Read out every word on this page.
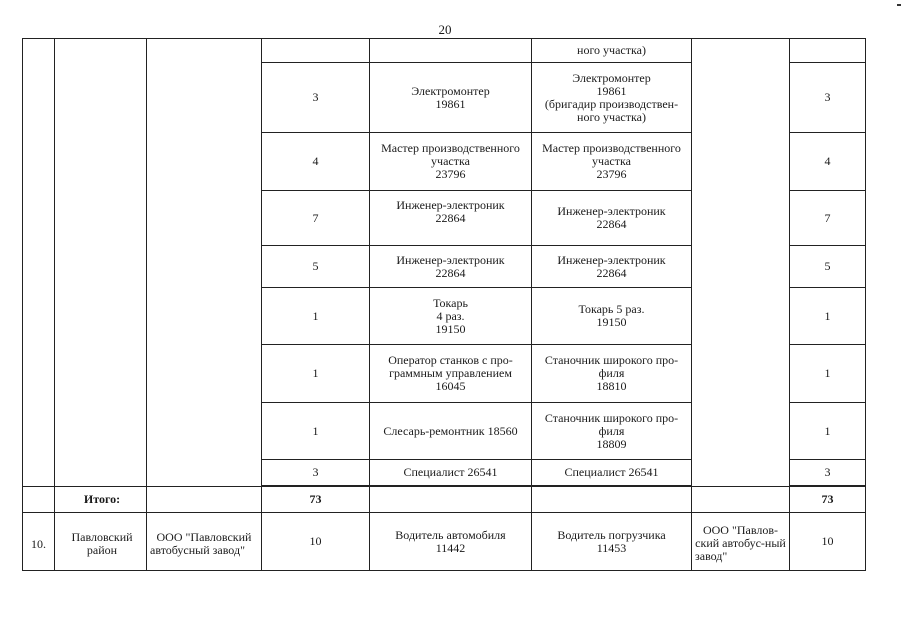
20

					ного участка)		

			3	Электромонтер
19861	Электромонтер
19861
(бригадир производствен-
ного участка)		3
			4	Мастер производственного
участка
23796	Мастер производственного
участка
23796		4
			7	Инженер-электроник
22864	Инженер-электроник
22864		7
			5	Инженер-электроник
22864	Инженер-электроник
22864		5
			1	Токарь
4 раз.
19150	Токарь 5 раз.
19150		1
			1	Оператор станков с про-
граммным управлением
16045	Станочник широкого про-
филя
18810		1
			1	Слесарь-ремонтник 18560	Станочник широкого про-
филя
18809		1
			3	Специалист 26541	Специалист 26541		3

	Итого:		73				73
10.	Павловский район	ООО "Павловский автобусный завод"	10	Водитель автомобиля
11442	Водитель погрузчика
11453	ООО "Павлов-ский автобус-ный завод"	10
